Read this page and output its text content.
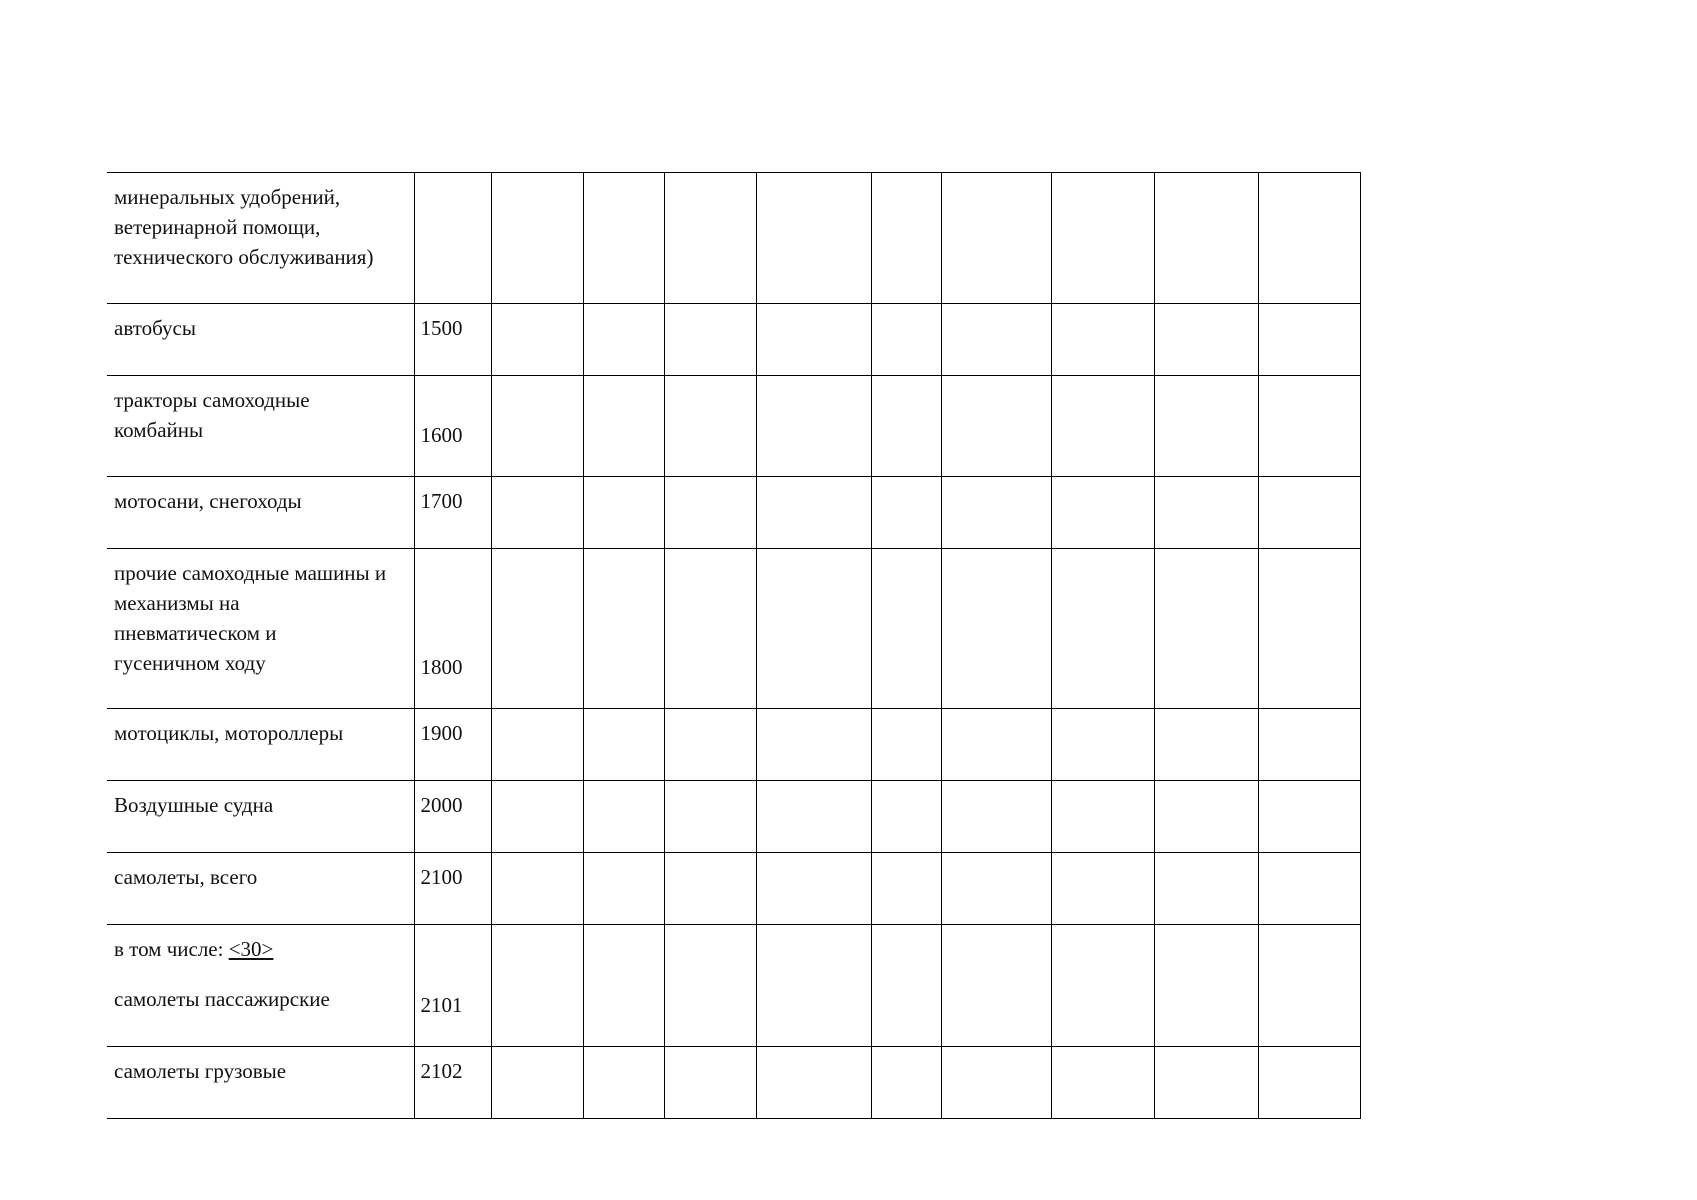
минеральных удобрений,
ветеринарной помощи,
технического обслуживания)										

автобусы	1500									

тракторы самоходные
комбайны	1600									

мотосани, снегоходы	1700									

прочие самоходные машины и
механизмы на
пневматическом и
гусеничном ходу	1800									

мотоциклы, мотороллеры	1900									

Воздушные судна	2000									

самолеты, всего	2100									

в том числе: <30>
самолеты пассажирские	2101									

самолеты грузовые	2102									
